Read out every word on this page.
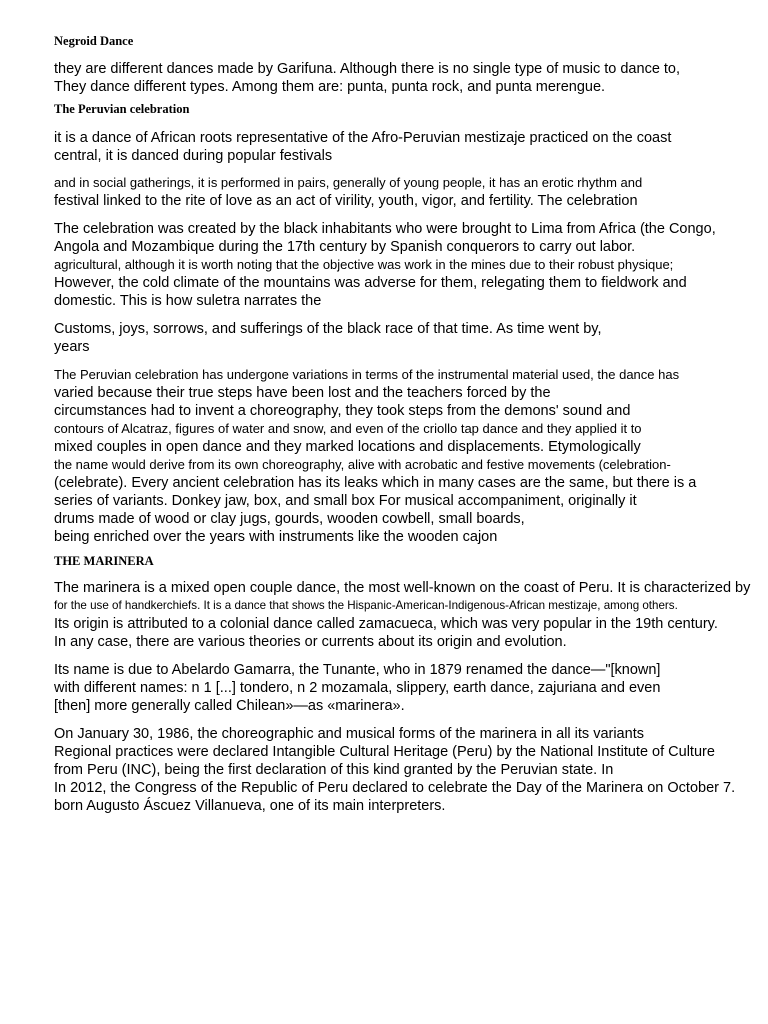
Negroid Dance

they are different dances made by Garifuna. Although there is no single type of music to dance to,
They dance different types. Among them are: punta, punta rock, and punta merengue.

The Peruvian celebration

it is a dance of African roots representative of the Afro-Peruvian mestizaje practiced on the coast
central, it is danced during popular festivals

and in social gatherings, it is performed in pairs, generally of young people, it has an erotic rhythm and
festival linked to the rite of love as an act of virility, youth, vigor, and fertility. The celebration

The celebration was created by the black inhabitants who were brought to Lima from Africa (the Congo,
Angola and Mozambique during the 17th century by Spanish conquerors to carry out labor.
agricultural, although it is worth noting that the objective was work in the mines due to their robust physique;
However, the cold climate of the mountains was adverse for them, relegating them to fieldwork and
domestic. This is how suletra narrates the

Customs, joys, sorrows, and sufferings of the black race of that time. As time went by,
years

The Peruvian celebration has undergone variations in terms of the instrumental material used, the dance has
varied because their true steps have been lost and the teachers forced by the
circumstances had to invent a choreography, they took steps from the demons' sound and
contours of Alcatraz, figures of water and snow, and even of the criollo tap dance and they applied it to
mixed couples in open dance and they marked locations and displacements. Etymologically
the name would derive from its own choreography, alive with acrobatic and festive movements (celebration-
(celebrate). Every ancient celebration has its leaks which in many cases are the same, but there is a
series of variants. Donkey jaw, box, and small box For musical accompaniment, originally it
drums made of wood or clay jugs, gourds, wooden cowbell, small boards,
being enriched over the years with instruments like the wooden cajon

THE MARINERA

The marinera is a mixed open couple dance, the most well-known on the coast of Peru. It is characterized by
for the use of handkerchiefs. It is a dance that shows the Hispanic-American-Indigenous-African mestizaje, among others.
Its origin is attributed to a colonial dance called zamacueca, which was very popular in the 19th century.
In any case, there are various theories or currents about its origin and evolution.

Its name is due to Abelardo Gamarra, the Tunante, who in 1879 renamed the dance—"[known]
with different names: n 1 [...] tondero, n 2 mozamala, slippery, earth dance, zajuriana and even
[then] more generally called Chilean»—as «marinera».

On January 30, 1986, the choreographic and musical forms of the marinera in all its variants
Regional practices were declared Intangible Cultural Heritage (Peru) by the National Institute of Culture
from Peru (INC), being the first declaration of this kind granted by the Peruvian state. In
In 2012, the Congress of the Republic of Peru declared to celebrate the Day of the Marinera on October 7.
born Augusto Áscuez Villanueva, one of its main interpreters.
